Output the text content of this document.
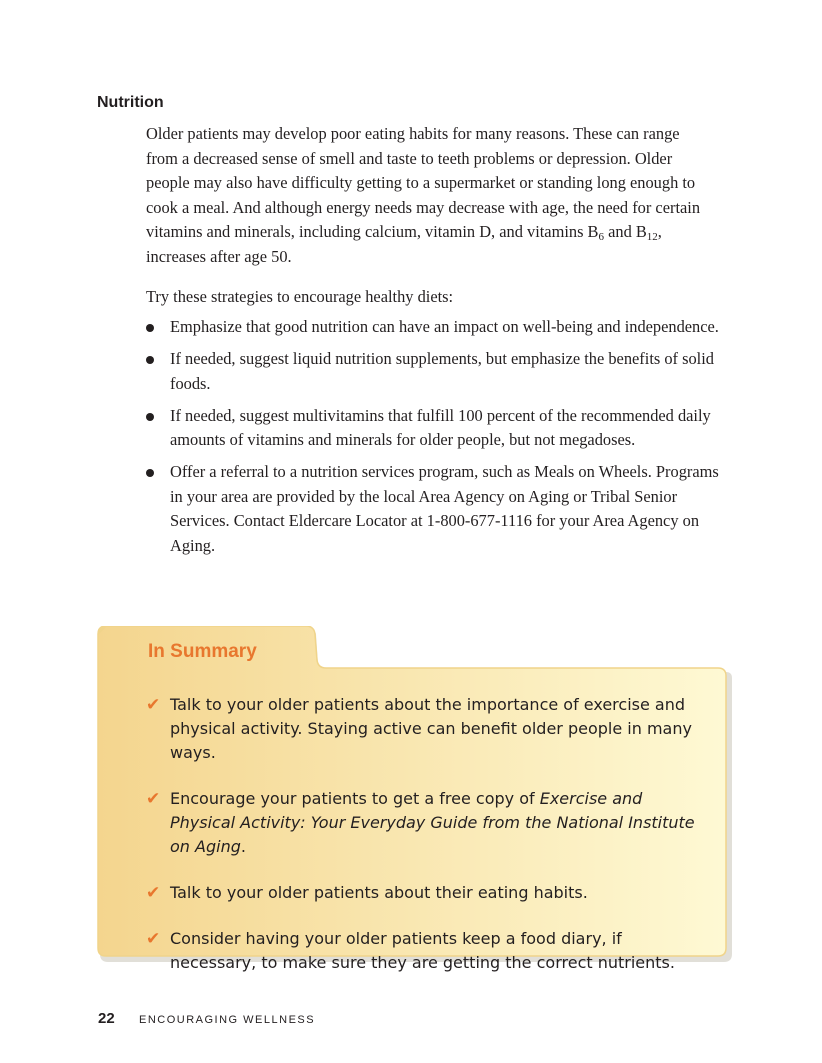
Nutrition

Older patients may develop poor eating habits for many reasons. These can range from a decreased sense of smell and taste to teeth problems or depression. Older people may also have difficulty getting to a supermarket or standing long enough to cook a meal. And although energy needs may decrease with age, the need for certain vitamins and minerals, including calcium, vitamin D, and vitamins $B_6$ and $B_{12}$, increases after age 50.

Try these strategies to encourage healthy diets:

Emphasize that good nutrition can have an impact on well-being and independence.
If needed, suggest liquid nutrition supplements, but emphasize the benefits of solid foods.
If needed, suggest multivitamins that fulfill 100 percent of the recommended daily amounts of vitamins and minerals for older people, but not megadoses.
Offer a referral to a nutrition services program, such as Meals on Wheels. Programs in your area are provided by the local Area Agency on Aging or Tribal Senior Services. Contact Eldercare Locator at 1-800-677-1116 for your Area Agency on Aging.
In Summary
✔ Talk to your older patients about the importance of exercise and physical activity. Staying active can benefit older people in many ways.
✔ Encourage your patients to get a free copy of Exercise and Physical Activity: Your Everyday Guide from the National Institute on Aging.
✔ Talk to your older patients about their eating habits.
✔ Consider having your older patients keep a food diary, if necessary, to make sure they are getting the correct nutrients.

22 ENCOURAGING WELLNESS
